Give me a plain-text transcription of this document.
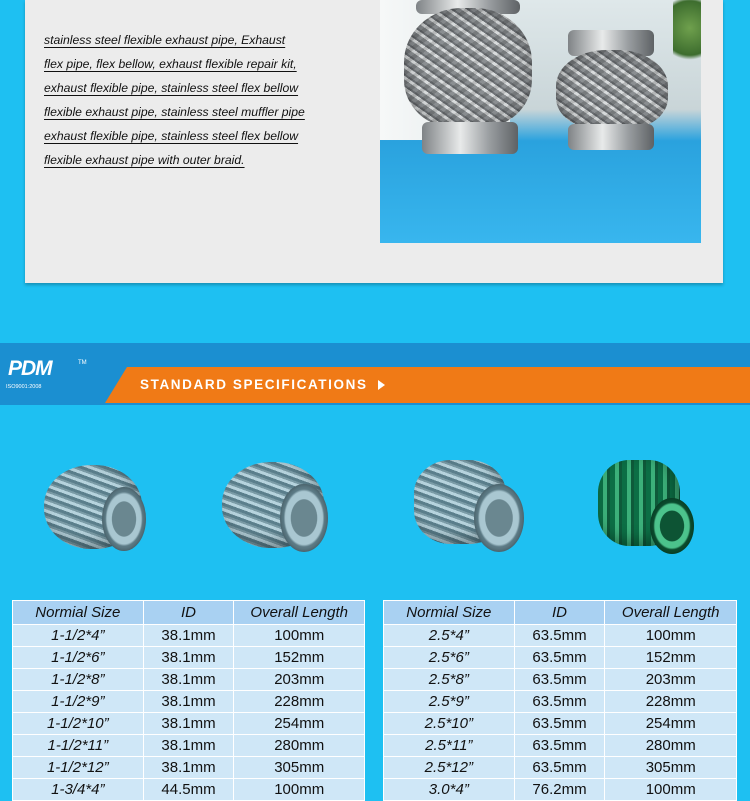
stainless steel flexible exhaust pipe, Exhaust
flex pipe, flex bellow, exhaust flexible repair kit,
exhaust flexible pipe, stainless steel flex bellow
flexible exhaust pipe, stainless steel muffler pipe
exhaust flexible pipe, stainless steel flex bellow
flexible exhaust pipe with outer braid.
PDM	TM
ISO9001:2008	STANDARD SPECIFICATIONS
Normial Size	ID	Overall Length
1-1/2*4”	38.1mm	100mm
1-1/2*6”	38.1mm	152mm
1-1/2*8”	38.1mm	203mm
1-1/2*9”	38.1mm	228mm
1-1/2*10”	38.1mm	254mm
1-1/2*11”	38.1mm	280mm
1-1/2*12”	38.1mm	305mm
1-3/4*4”	44.5mm	100mm
Normial Size	ID	Overall Length
2.5*4”	63.5mm	100mm
2.5*6”	63.5mm	152mm
2.5*8”	63.5mm	203mm
2.5*9”	63.5mm	228mm
2.5*10”	63.5mm	254mm
2.5*11”	63.5mm	280mm
2.5*12”	63.5mm	305mm
3.0*4”	76.2mm	100mm
